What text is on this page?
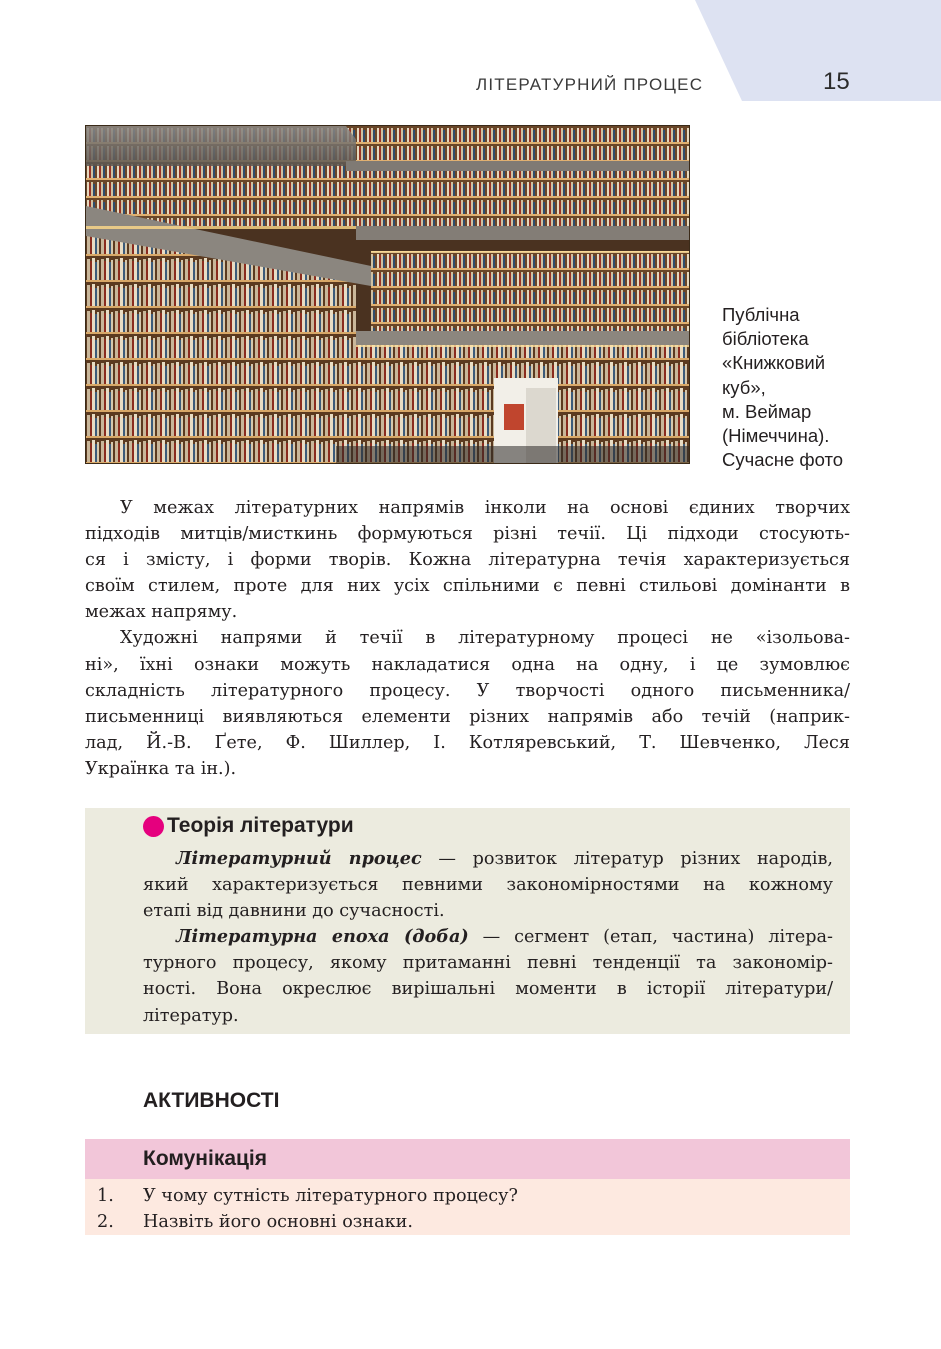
ЛІТЕРАТУРНИЙ ПРОЦЕС	15
Публічна
бібліотека
«Книжковий
куб»,
м. Веймар
(Німеччина).
Сучасне фото
У межах літературних напрямів інколи на основі єдиних творчих
підходів митців/мисткинь формуються різні течії. Ці підходи стосують-
ся і змісту, і форми творів. Кожна літературна течія характеризується
своїм стилем, проте для них усіх спільними є певні стильові домінанти в
межах напряму.
Художні напрями й течії в літературному процесі не «ізольова-
ні», їхні ознаки можуть накладатися одна на одну, і це зумовлює
складність літературного процесу. У творчості одного письменника/
письменниці виявляються елементи різних напрямів або течій (наприк-
лад, Й.-В. Ґете, Ф. Шиллер, І. Котляревський, Т. Шевченко, Леся
Українка та ін.).
Теорія літератури
Літературний процес — розвиток літератур різних народів,
який характеризується певними закономірностями на кожному
етапі від давнини до сучасності.
Літературна епоха (доба) — сегмент (етап, частина) літера-
турного процесу, якому притаманні певні тенденції та закономір-
ності. Вона окреслює вирішальні моменти в історії літератури/
літератур.
АКТИВНОСТІ
Комунікація
1.	У чому сутність літературного процесу?
2.	Назвіть його основні ознаки.
